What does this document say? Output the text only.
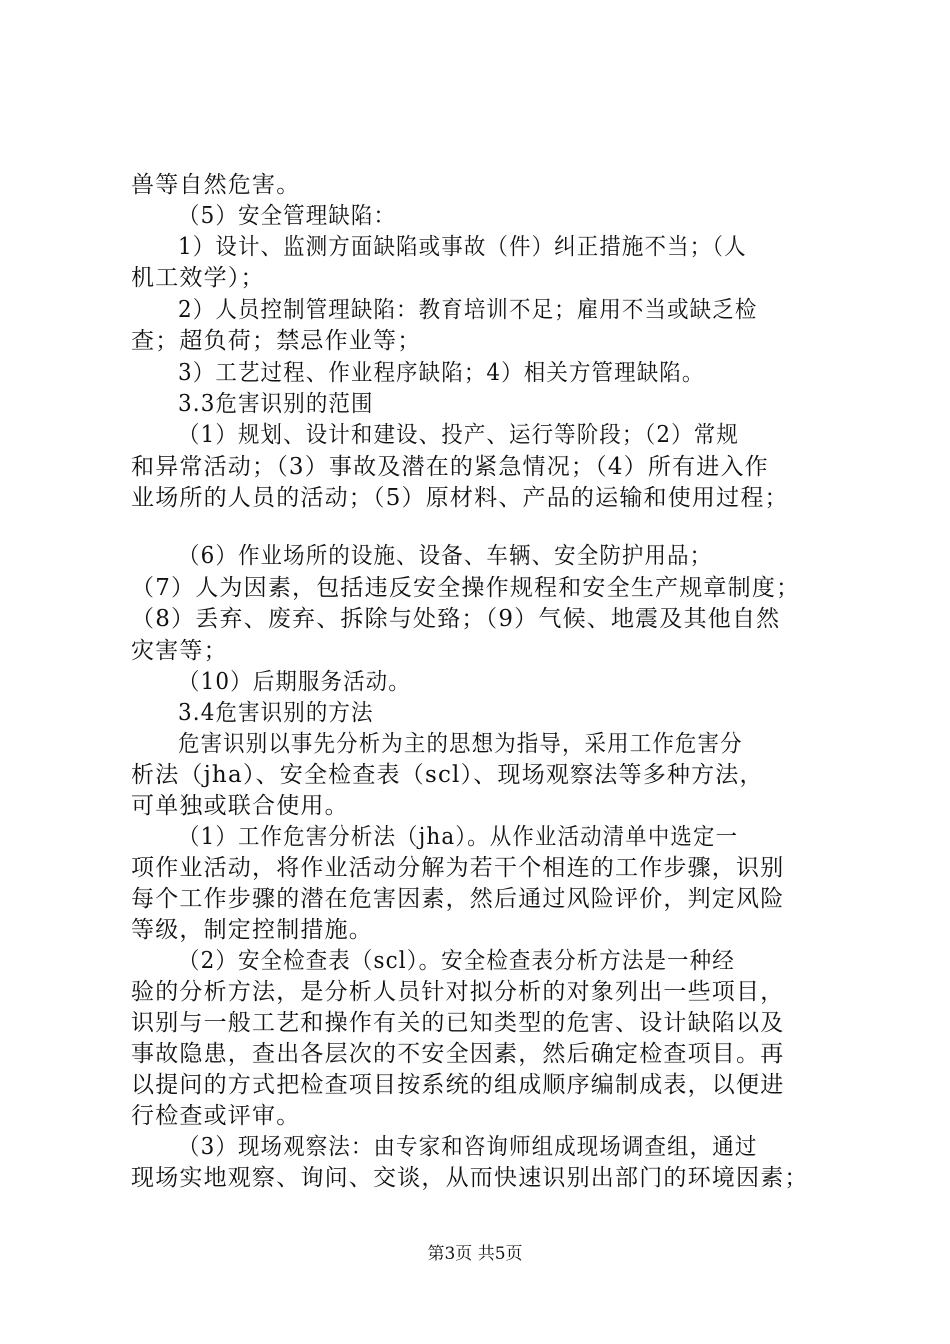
兽等自然危害。
（5）安全管理缺陷：
1）设计、监测方面缺陷或事故（件）纠正措施不当；（人
机工效学）；
2）人员控制管理缺陷：教育培训不足；雇用不当或缺乏检
查；超负荷；禁忌作业等；
3）工艺过程、作业程序缺陷；4）相关方管理缺陷。
3.3危害识别的范围
（1）规划、设计和建设、投产、运行等阶段；（2）常规
和异常活动；（3）事故及潜在的紧急情况；（4）所有进入作
业场所的人员的活动；（5）原材料、产品的运输和使用过程；
（6）作业场所的设施、设备、车辆、安全防护用品；
（7）人为因素，包括违反安全操作规程和安全生产规章制度；
（8）丢弃、废弃、拆除与处臵；（9）气候、地震及其他自然
灾害等；
（10）后期服务活动。
3.4危害识别的方法
危害识别以事先分析为主的思想为指导，采用工作危害分
析法（jha）、安全检查表（scl）、现场观察法等多种方法，
可单独或联合使用。
（1）工作危害分析法（jha）。从作业活动清单中选定一
项作业活动，将作业活动分解为若干个相连的工作步骤，识别
每个工作步骤的潜在危害因素，然后通过风险评价，判定风险
等级，制定控制措施。
（2）安全检查表（scl）。安全检查表分析方法是一种经
验的分析方法，是分析人员针对拟分析的对象列出一些项目，
识别与一般工艺和操作有关的已知类型的危害、设计缺陷以及
事故隐患，查出各层次的不安全因素，然后确定检查项目。再
以提问的方式把检查项目按系统的组成顺序编制成表，以便进
行检查或评审。
（3）现场观察法：由专家和咨询师组成现场调查组，通过
现场实地观察、询问、交谈，从而快速识别出部门的环境因素；
第3页 共5页
